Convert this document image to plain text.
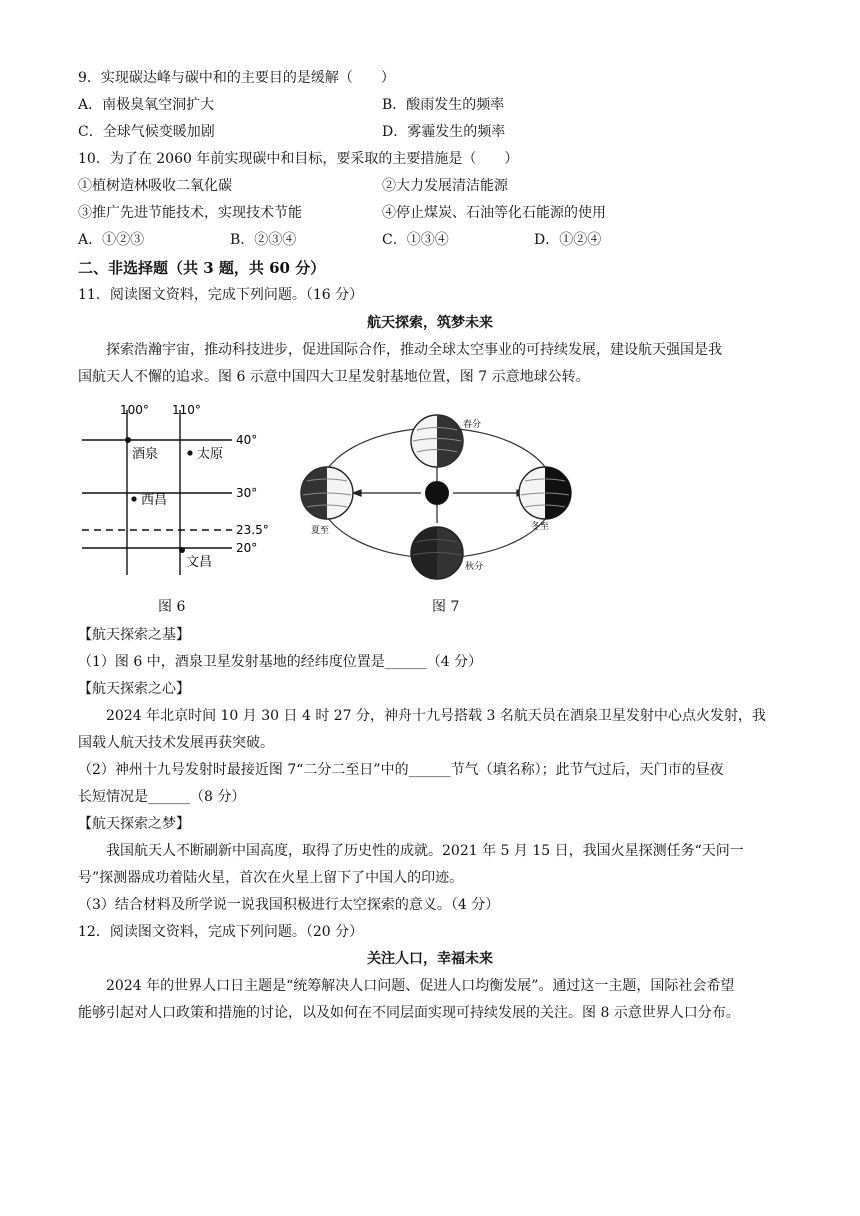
9．实现碳达峰与碳中和的主要目的是缓解（　　）
A．南极臭氧空洞扩大	B．酸雨发生的频率
C．全球气候变暖加剧	D．雾霾发生的频率
10．为了在 2060 年前实现碳中和目标，要采取的主要措施是（　　）
①植树造林吸收二氧化碳	②大力发展清洁能源
③推广先进节能技术，实现技术节能	④停止煤炭、石油等化石能源的使用
A．①②③	B．②③④	C．①③④	D．①②④
二、非选择题（共 3 题，共 60 分）
11．阅读图文资料，完成下列问题。（16 分）
航天探索，筑梦未来
探索浩瀚宇宙，推动科技进步，促进国际合作，推动全球太空事业的可持续发展，建设航天强国是我
国航天人不懈的追求。图 6 示意中国四大卫星发射基地位置，图 7 示意地球公转。
100° 110°
40°
30°
23.5°
20°
酒泉	太原
西昌
文昌
春分
夏至	冬至
秋分
图 6	图 7
【航天探索之基】
（1）图 6 中，酒泉卫星发射基地的经纬度位置是______（4 分）
【航天探索之心】
2024 年北京时间 10 月 30 日 4 时 27 分，神舟十九号搭载 3 名航天员在酒泉卫星发射中心点火发射，我
国载人航天技术发展再获突破。
（2）神州十九号发射时最接近图 7“二分二至日”中的______节气（填名称）；此节气过后，天门市的昼夜
长短情况是______（8 分）
【航天探索之梦】
我国航天人不断刷新中国高度，取得了历史性的成就。2021 年 5 月 15 日，我国火星探测任务“天问一
号”探测器成功着陆火星，首次在火星上留下了中国人的印迹。
（3）结合材料及所学说一说我国积极进行太空探索的意义。（4 分）
12．阅读图文资料，完成下列问题。（20 分）
关注人口，幸福未来
2024 年的世界人口日主题是“统筹解决人口问题、促进人口均衡发展”。通过这一主题，国际社会希望
能够引起对人口政策和措施的讨论，以及如何在不同层面实现可持续发展的关注。图 8 示意世界人口分布。
